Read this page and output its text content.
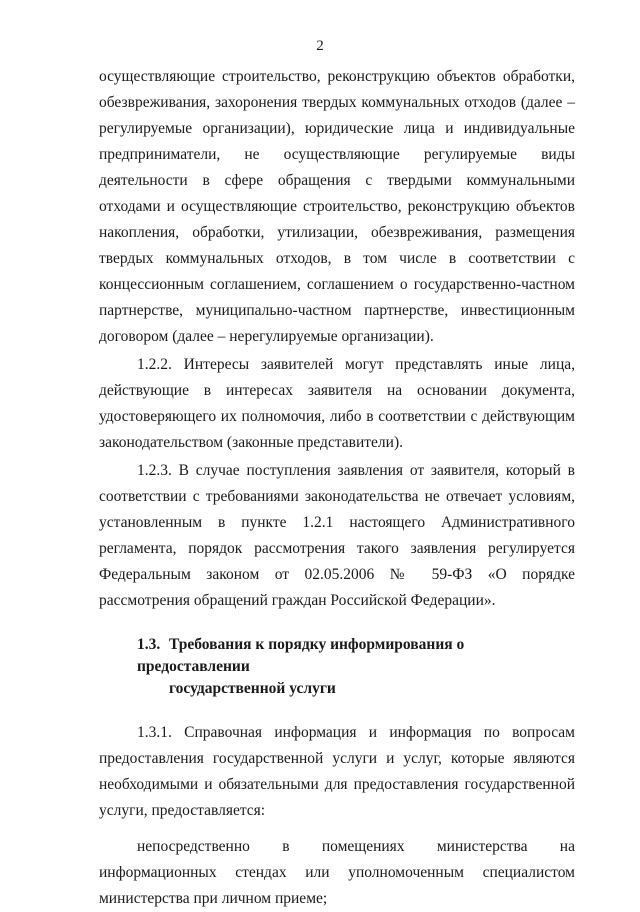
2

осуществляющие строительство, реконструкцию объектов обработки, обезвреживания, захоронения твердых коммунальных отходов (далее – регулируемые организации), юридические лица и индивидуальные предприниматели, не осуществляющие регулируемые виды деятельности в сфере обращения с твердыми коммунальными отходами и осуществляющие строительство, реконструкцию объектов накопления, обработки, утилизации, обезвреживания, размещения твердых коммунальных отходов, в том числе в соответствии с концессионным соглашением, соглашением о государственно-частном партнерстве, муниципально-частном партнерстве, инвестиционным договором (далее – нерегулируемые организации).

1.2.2. Интересы заявителей могут представлять иные лица, действующие в интересах заявителя на основании документа, удостоверяющего их полномочия, либо в соответствии с действующим законодательством (законные представители).

1.2.3. В случае поступления заявления от заявителя, который в соответствии с требованиями законодательства не отвечает условиям, установленным в пункте 1.2.1 настоящего Административного регламента, порядок рассмотрения такого заявления регулируется Федеральным законом от 02.05.2006 № 59-ФЗ «О порядке рассмотрения обращений граждан Российской Федерации».

1.3. Требования к порядку информирования о предоставлении
государственной услуги

1.3.1. Справочная информация и информация по вопросам предоставления государственной услуги и услуг, которые являются необходимыми и обязательными для предоставления государственной услуги, предоставляется:

непосредственно в помещениях министерства на информационных стендах или уполномоченным специалистом министерства при личном приеме;
